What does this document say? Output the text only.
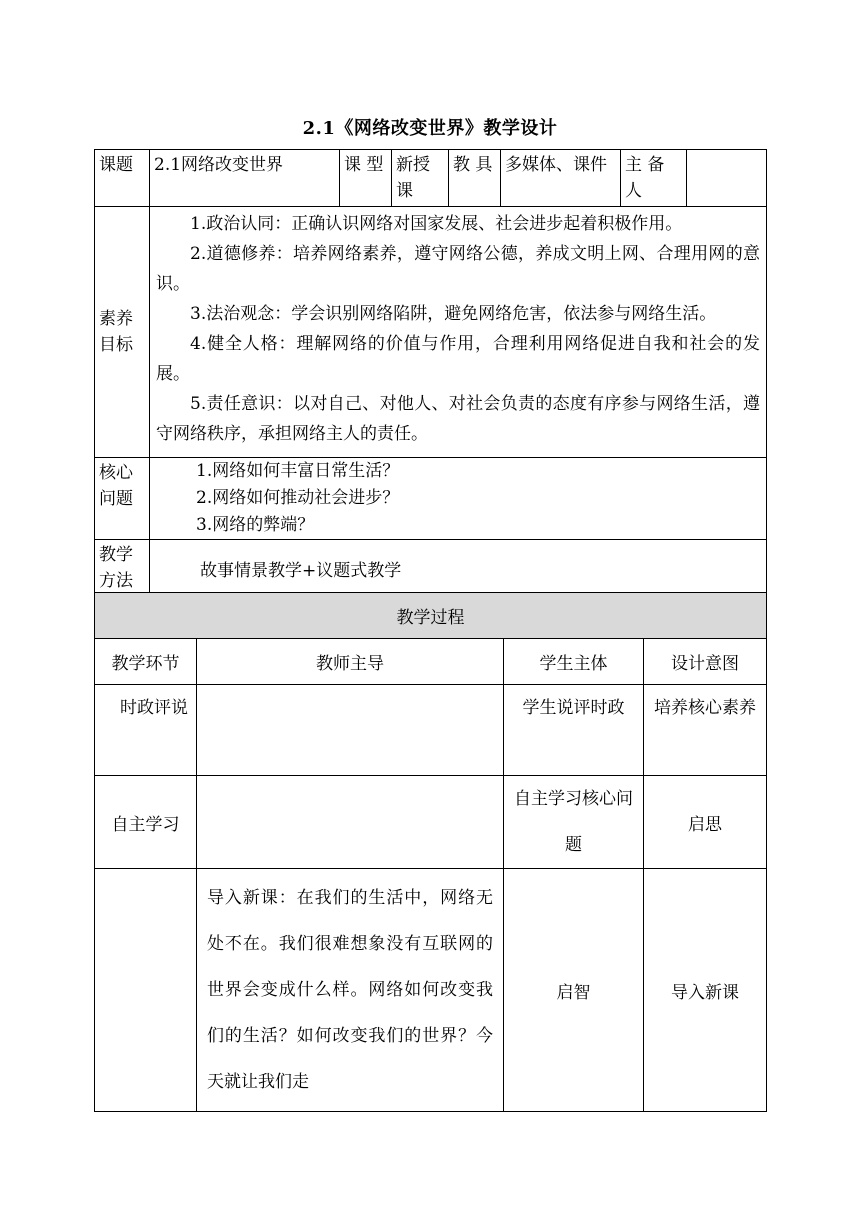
2.1《网络改变世界》教学设计
课题	2.1网络改变世界	课 型	新授 课	教 具	多媒体、课件	主 备 人	
素养目标	1.政治认同：正确认识网络对国家发展、社会进步起着积极作用。

2.道德修养：培养网络素养，遵守网络公德，养成文明上网、合理用网的意识。

3.法治观念：学会识别网络陷阱，避免网络危害，依法参与网络生活。

4.健全人格：理解网络的价值与作用，合理利用网络促进自我和社会的发展。

5.责任意识：以对自己、对他人、对社会负责的态度有序参与网络生活，遵守网络秩序，承担网络主人的责任。						

核心问题	1.网络如何丰富日常生活？

2.网络如何推动社会进步？

3.网络的弊端？						

教学方法	故事情景教学+议题式教学						
教学过程			
教学环节	教师主导	学生主体	设计意图
时政评说		学生说评时政	培养核心素养
自主学习		自主学习核心问题	启思

	导入新课：在我们的生活中，网络无处不在。我们很难想象没有互联网的世界会变成什么样。网络如何改变我们的生活？如何改变我们的世界？今天就让我们走	启智	导入新课
